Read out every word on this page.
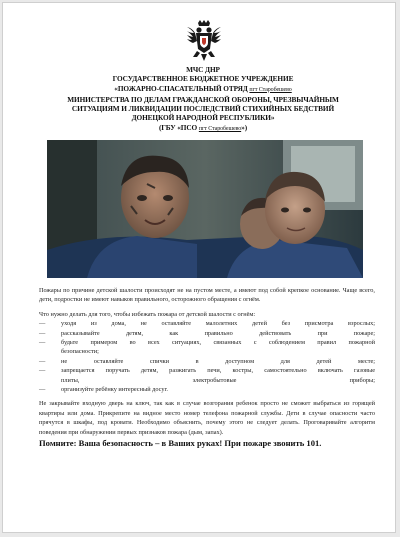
МЧС ДНР
ГОСУДАРСТВЕННОЕ БЮДЖЕТНОЕ УЧРЕЖДЕНИЕ
«ПОЖАРНО-СПАСАТЕЛЬНЫЙ ОТРЯД пгт Старобешево
МИНИСТЕРСТВА ПО ДЕЛАМ ГРАЖДАНСКОЙ ОБОРОНЫ, ЧРЕЗВЫЧАЙНЫМ
СИТУАЦИЯМ И ЛИКВИДАЦИИ ПОСЛЕДСТВИЙ СТИХИЙНЫХ БЕДСТВИЙ
ДОНЕЦКОЙ НАРОДНОЙ РЕСПУБЛИКИ»
(ГБУ «ПСО пгт Старобешево»)

Пожары по причине детской шалости происходят не на пустом месте, а имеют под собой крепкое основание. Чаще всего, дети, подростки не имеют навыков правильного, осторожного обращения с огнём.

Что нужно делать для того, чтобы избежать пожара от детской шалости с огнём:

—	уходя из дома, не оставляйте малолетних детей без присмотра взрослых;
—	рассказывайте детям, как правильно действовать при пожаре;
—	будьте примером во всех ситуациях, связанных с соблюдением правил пожарной
безопасности;
—	не оставляйте спички в доступном для детей месте;
—	запрещается поручать детям, разжигать печи, костры, самостоятельно включать газовые
плиты, электробытовые приборы;
—	организуйте ребёнку интересный досуг.

Не закрывайте входную дверь на ключ, так как в случае возгорания ребенок просто не сможет выбраться из горящей квартиры или дома. Прикрепите на видное место номер телефона пожарной службы. Дети в случае опасности часто прячутся в шкафы, под кровати. Необходимо объяснить, почему этого не следует делать. Проговаривайте алгоритм поведения при обнаружении первых признаков пожара (дым, запах).

Помните: Ваша безопасность – в Ваших руках! При пожаре звонить 101.
